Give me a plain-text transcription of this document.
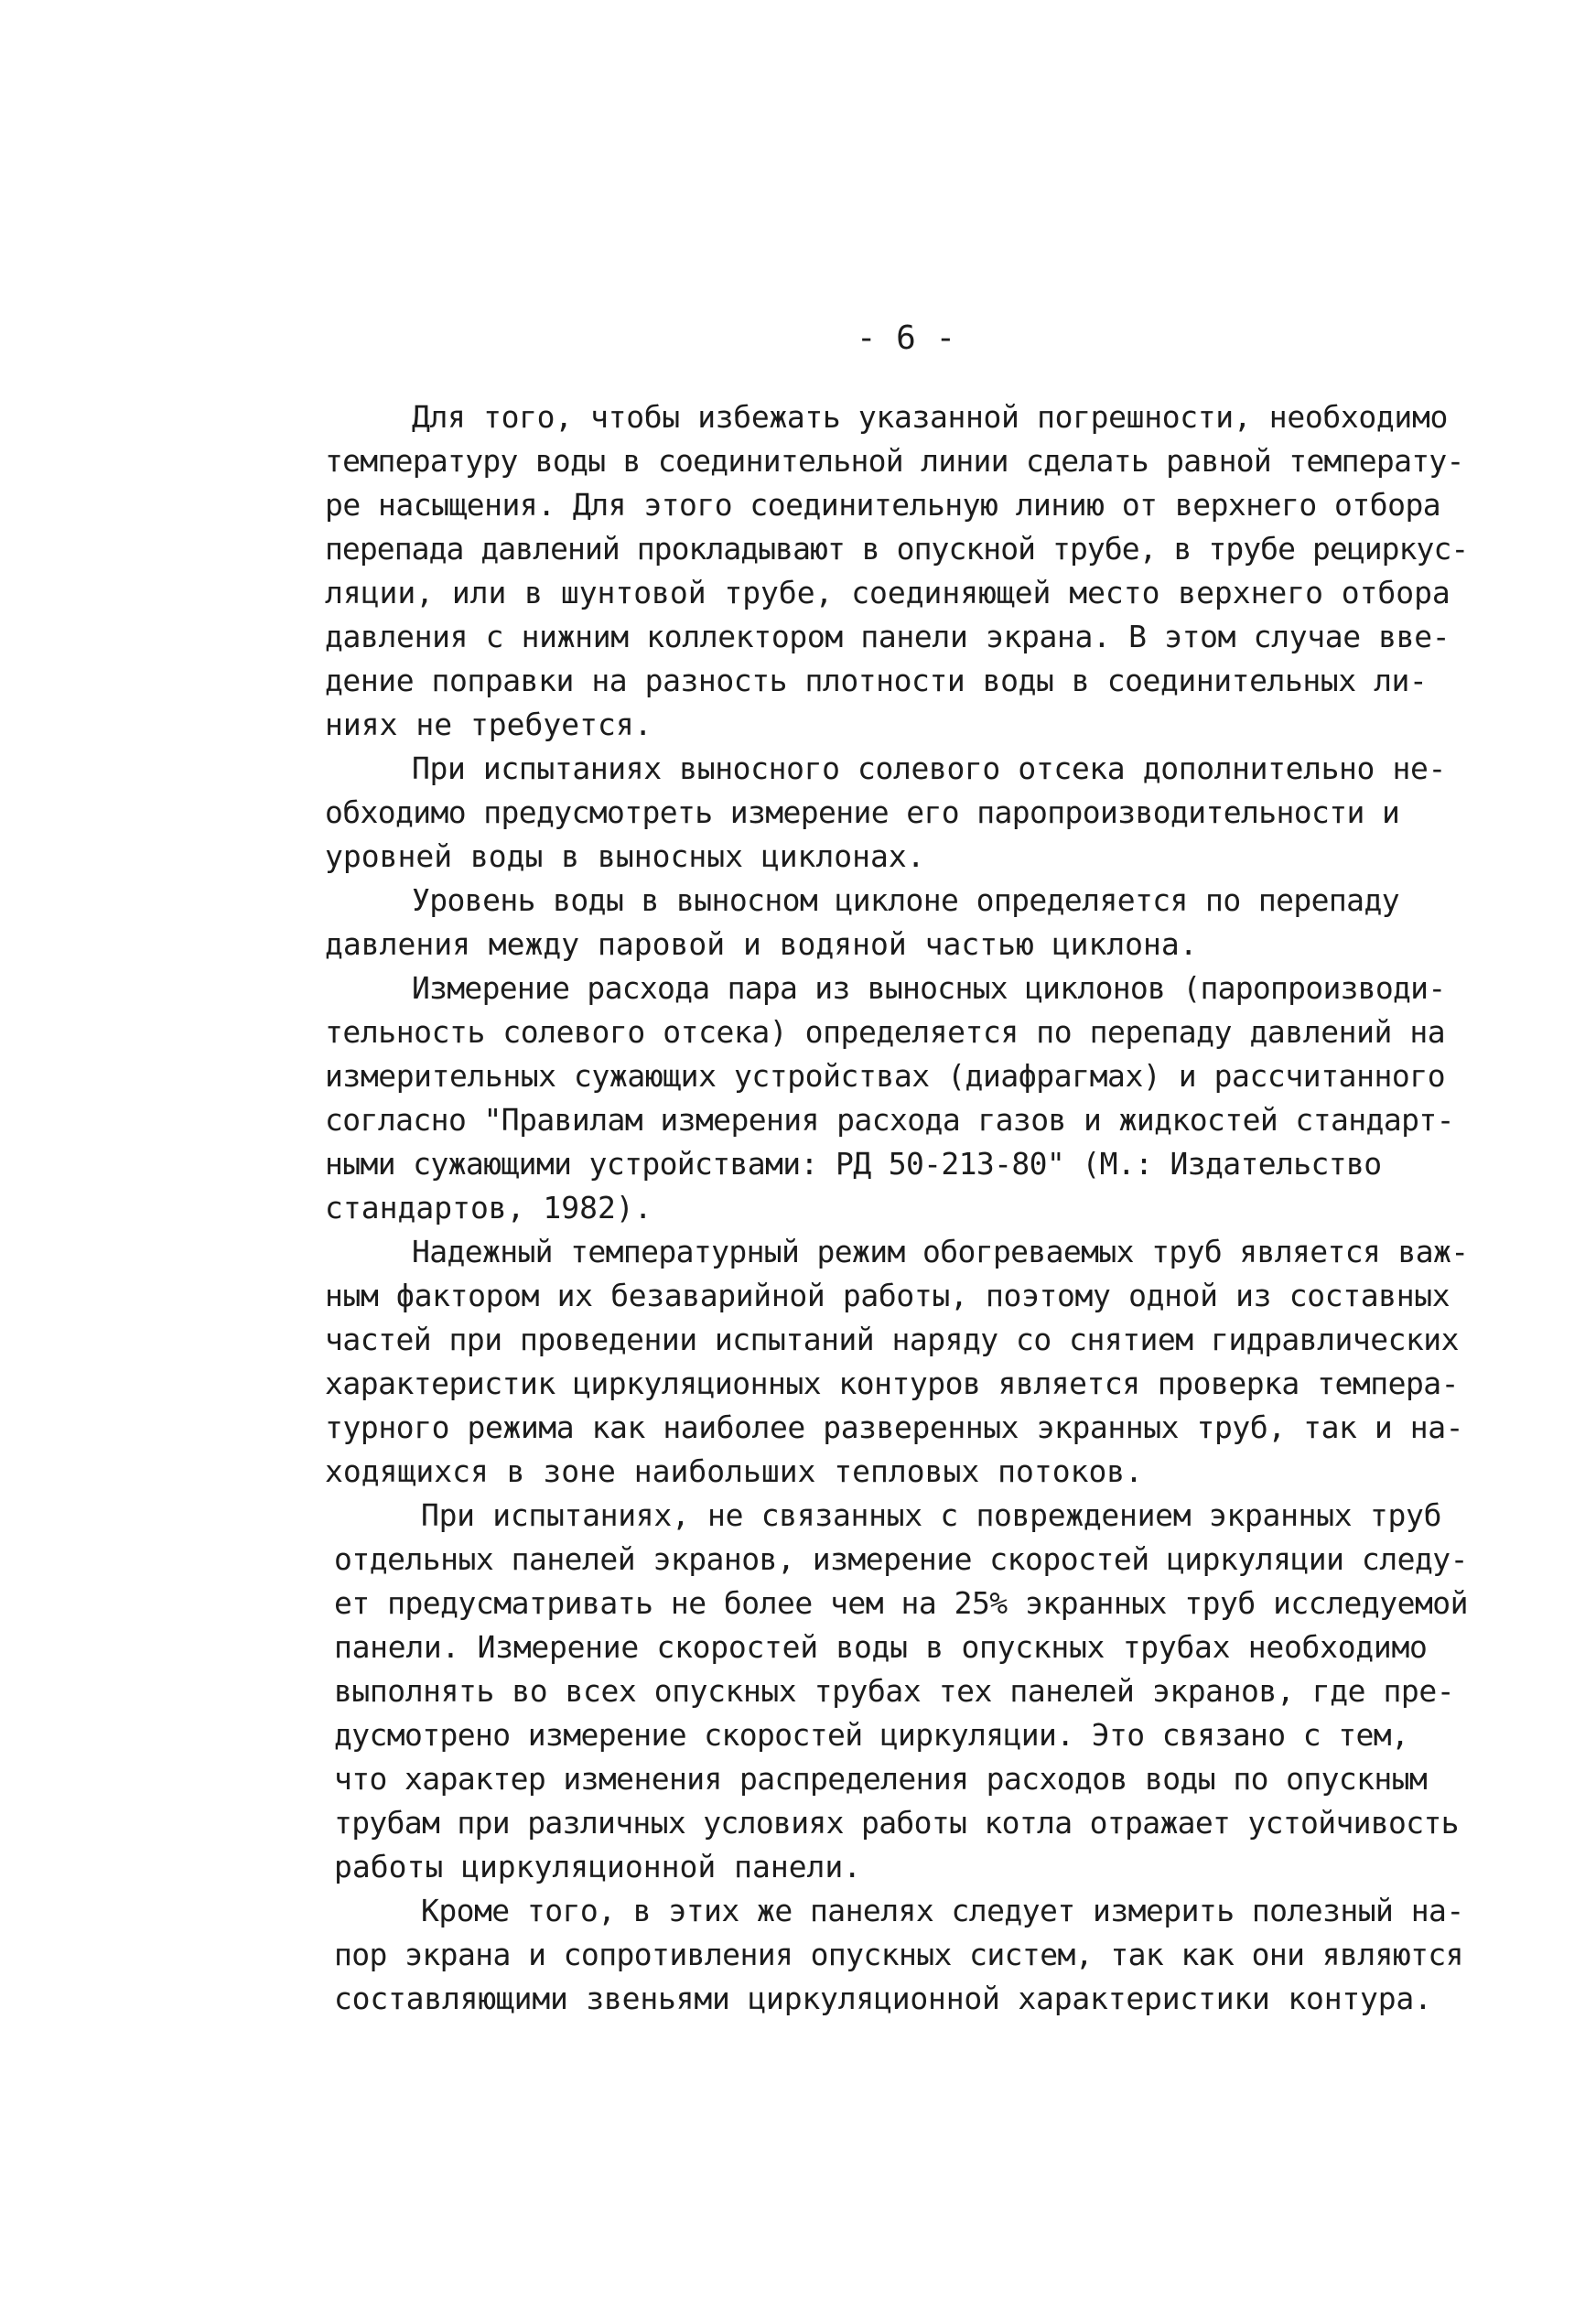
- 6 -
Для того, чтобы избежать указанной погрешности, необходимо
температуру воды в соединительной линии сделать равной температу-
ре насыщения. Для этого соединительную линию от верхнего отбора
перепада давлений прокладывают в опускной трубе, в трубе рециркус-
ляции, или в шунтовой трубе, соединяющей место верхнего отбора
давления с нижним коллектором панели экрана. В этом случае вве-
дение поправки на разность плотности воды в соединительных ли-
ниях не требуется.
При испытаниях выносного солевого отсека дополнительно не-
обходимо предусмотреть измерение его паропроизводительности и
уровней воды в выносных циклонах.
Уровень воды в выносном циклоне определяется по перепаду
давления между паровой и водяной частью циклона.
Измерение расхода пара из выносных циклонов (паропроизводи-
тельность солевого отсека) определяется по перепаду давлений на
измерительных сужающих устройствах (диафрагмах) и рассчитанного
согласно "Правилам измерения расхода газов и жидкостей стандарт-
ными сужающими устройствами: РД 50-213-80" (М.: Издательство
стандартов, 1982).
Надежный температурный режим обогреваемых труб является важ-
ным фактором их безаварийной работы, поэтому одной из составных
частей при проведении испытаний наряду со снятием гидравлических
характеристик циркуляционных контуров является проверка темпера-
турного режима как наиболее разверенных экранных труб, так и на-
ходящихся в зоне наибольших тепловых потоков.
При испытаниях, не связанных с повреждением экранных труб
отдельных панелей экранов, измерение скоростей циркуляции следу-
ет предусматривать не более чем на 25% экранных труб исследуемой
панели. Измерение скоростей воды в опускных трубах необходимо
выполнять во всех опускных трубах тех панелей экранов, где пре-
дусмотрено измерение скоростей циркуляции. Это связано с тем,
что характер изменения распределения расходов воды по опускным
трубам при различных условиях работы котла отражает устойчивость
работы циркуляционной панели.
Кроме того, в этих же панелях следует измерить полезный на-
пор экрана и сопротивления опускных систем, так как они являются
составляющими звеньями циркуляционной характеристики контура.
